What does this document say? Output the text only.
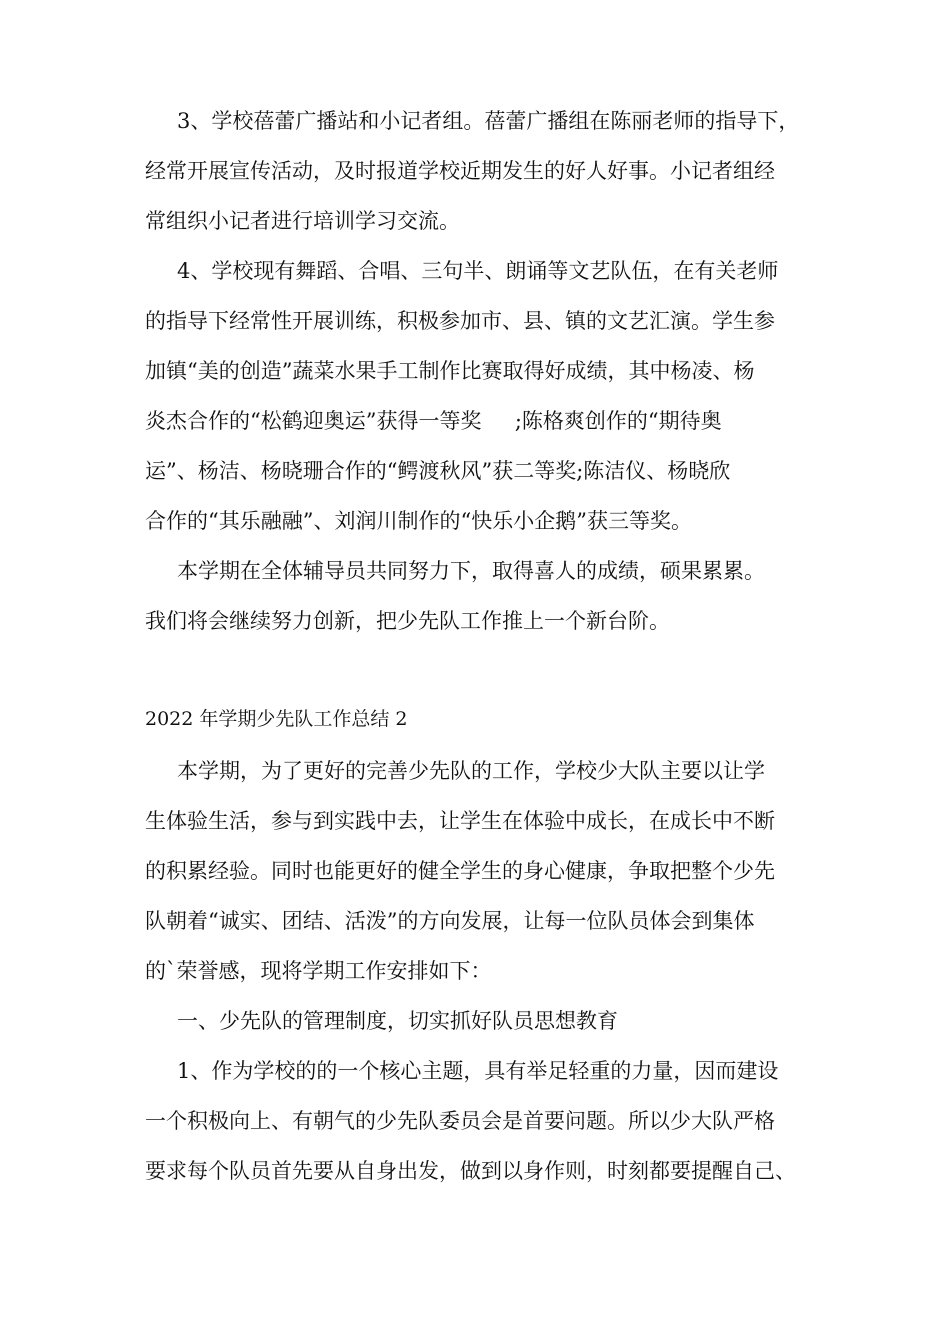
3、学校蓓蕾广播站和小记者组。蓓蕾广播组在陈丽老师的指导下，
经常开展宣传活动，及时报道学校近期发生的好人好事。小记者组经
常组织小记者进行培训学习交流。
4、学校现有舞蹈、合唱、三句半、朗诵等文艺队伍，在有关老师
的指导下经常性开展训练，积极参加市、县、镇的文艺汇演。学生参
加镇“美的创造”蔬菜水果手工制作比赛取得好成绩，其中杨凌、杨
炎杰合作的“松鹤迎奥运”获得一等奖     ;陈格爽创作的“期待奥
运”、杨洁、杨晓珊合作的“鳄渡秋风”获二等奖;陈洁仪、杨晓欣
合作的“其乐融融”、刘润川制作的“快乐小企鹅”获三等奖。
本学期在全体辅导员共同努力下，取得喜人的成绩，硕果累累。
我们将会继续努力创新，把少先队工作推上一个新台阶。
2022 年学期少先队工作总结 2
本学期，为了更好的完善少先队的工作，学校少大队主要以让学
生体验生活，参与到实践中去，让学生在体验中成长，在成长中不断
的积累经验。同时也能更好的健全学生的身心健康，争取把整个少先
队朝着“诚实、团结、活泼”的方向发展，让每一位队员体会到集体
的`荣誉感，现将学期工作安排如下：
一、少先队的管理制度，切实抓好队员思想教育
1、作为学校的的一个核心主题，具有举足轻重的力量，因而建设
一个积极向上、有朝气的少先队委员会是首要问题。所以少大队严格
要求每个队员首先要从自身出发，做到以身作则，时刻都要提醒自己、
